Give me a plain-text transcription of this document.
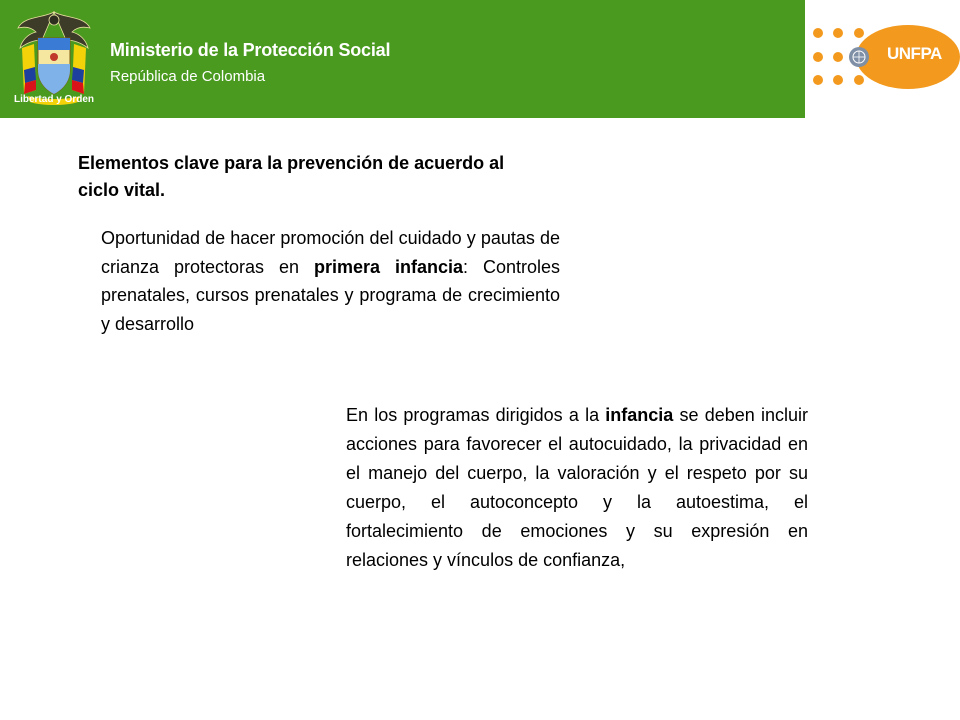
Libertad y Orden
Ministerio de la Protección Social
República de Colombia
UNFPA
Elementos clave para la prevención de acuerdo al ciclo vital.
Oportunidad de hacer promoción del cuidado y pautas de crianza protectoras en primera infancia: Controles prenatales, cursos prenatales y programa de crecimiento y desarrollo
En los programas dirigidos a la infancia se deben incluir acciones para favorecer el autocuidado, la privacidad en el manejo del cuerpo, la valoración y el respeto por su cuerpo, el autoconcepto y la autoestima, el fortalecimiento de emociones y su expresión en relaciones y vínculos de confianza,
